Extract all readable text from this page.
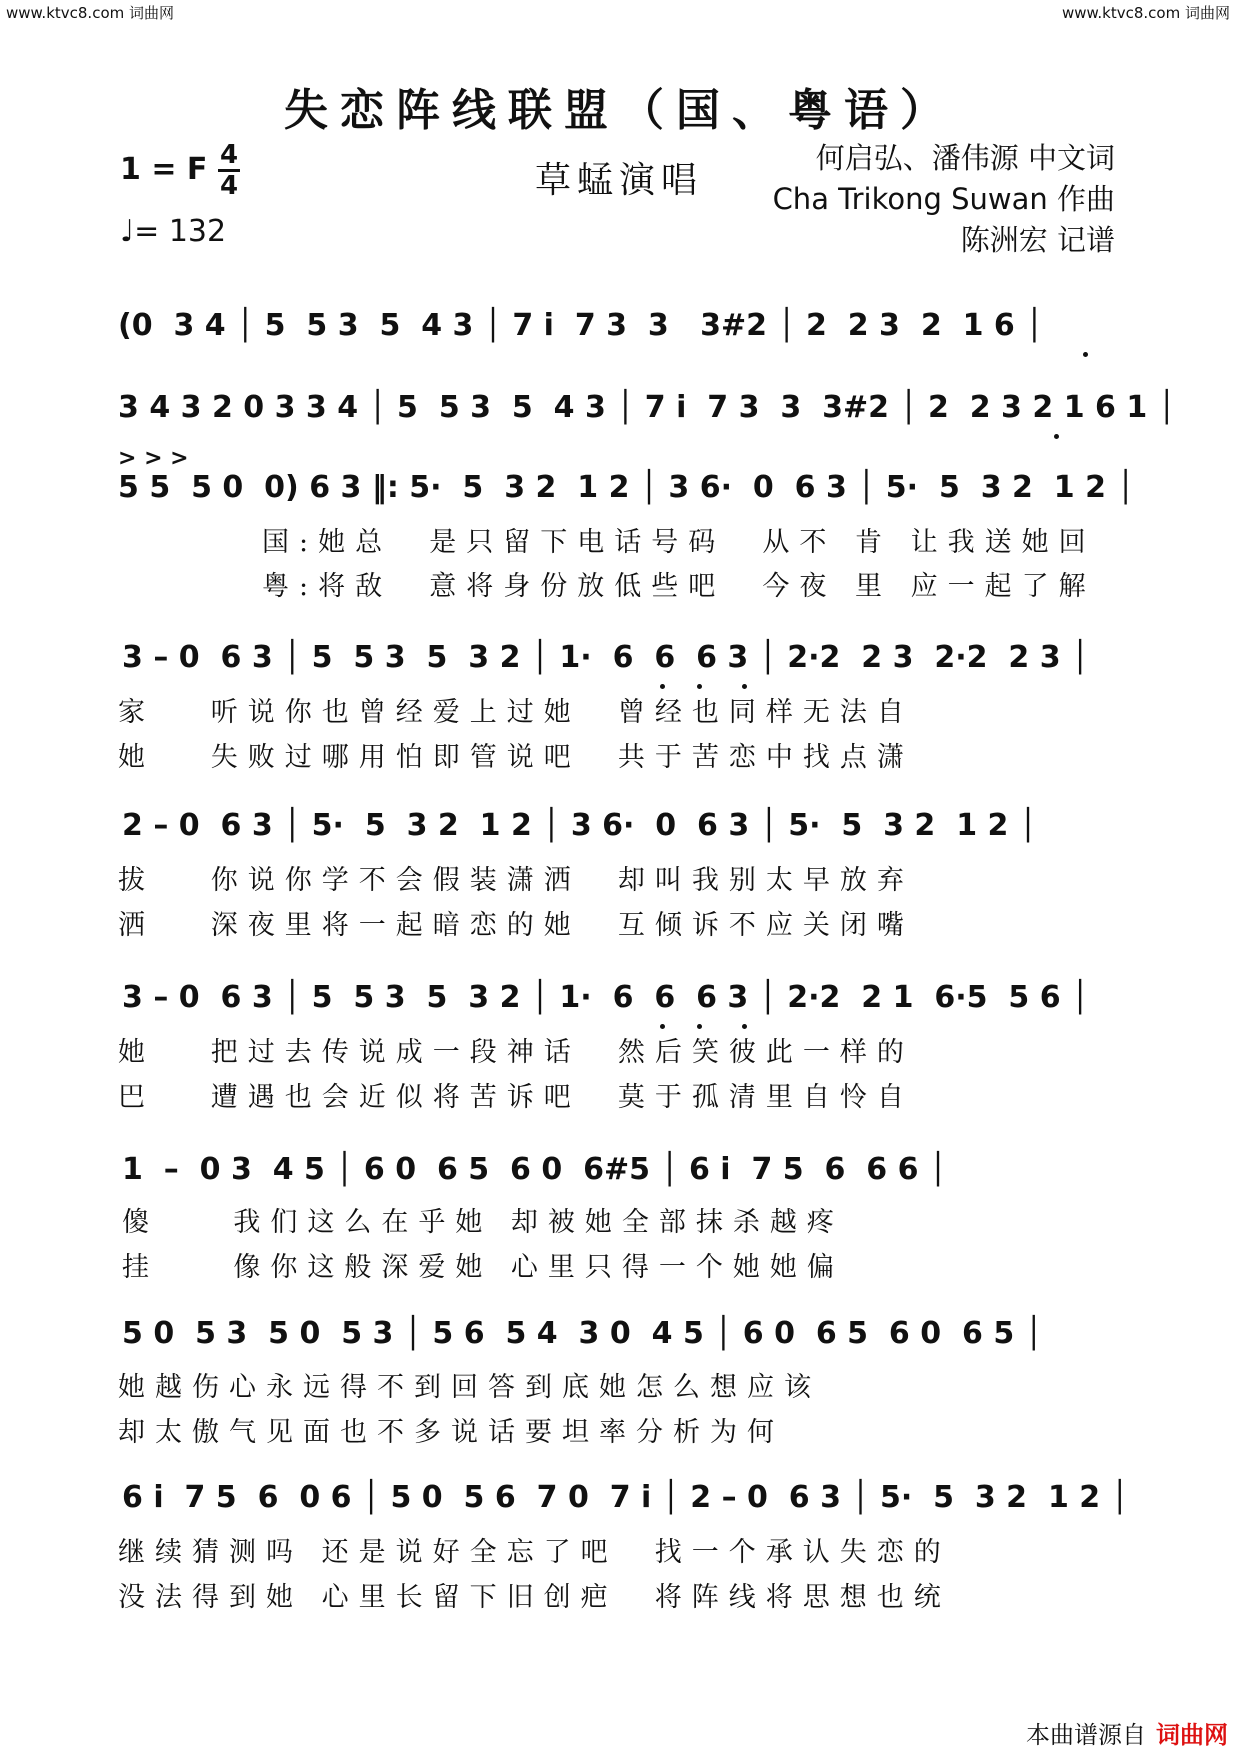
www.ktvc8.com 词曲网	www.ktvc8.com 词曲网
失恋阵线联盟（国、粤语）
1 = F 4
4
♩= 132
草蜢演唱
何启弘、潘伟源 中文词
Cha Trikong Suwan 作曲
陈洲宏 记谱
(0  3 4 │ 5  5 3  5  4 3 │ 7 i  7 3  3   3#2 │ 2  2 3  2  1 6 │
3 4 3 2 0 3 3 4 │ 5  5 3  5  4 3 │ 7 i  7 3  3  3#2 │ 2  2 3 2 1 6 1 │
> > >
5 5  5 0  0) 6 3 ‖: 5·  5  3 2  1 2 │ 3 6·  0  6 3 │ 5·  5  3 2  1 2 │
国:她总  是只留下电话号码  从不 肯 让我送她回
粤:将敌  意将身份放低些吧  今夜 里 应一起了解
3 – 0  6 3 │ 5  5 3  5  3 2 │ 1·  6  6  6 3 │ 2·2  2 3  2·2  2 3 │
家   听说你也曾经爱上过她  曾经也同样无法自
她   失败过哪用怕即管说吧  共于苦恋中找点潇
2 – 0  6 3 │ 5·  5  3 2  1 2 │ 3 6·  0  6 3 │ 5·  5  3 2  1 2 │
拔   你说你学不会假装潇洒  却叫我别太早放弃
洒   深夜里将一起暗恋的她  互倾诉不应关闭嘴
3 – 0  6 3 │ 5  5 3  5  3 2 │ 1·  6  6  6 3 │ 2·2  2 1  6·5  5 6 │
她   把过去传说成一段神话  然后笑彼此一样的
巴   遭遇也会近似将苦诉吧  莫于孤清里自怜自
1  –  0 3  4 5 │ 6 0  6 5  6 0  6#5 │ 6 i  7 5  6  6 6 │
傻    我们这么在乎她 却被她全部抹杀越疼
挂    像你这般深爱她 心里只得一个她她偏
5 0  5 3  5 0  5 3 │ 5 6  5 4  3 0  4 5 │ 6 0  6 5  6 0  6 5 │
她越伤心永远得不到回答到底她怎么想应该
却太傲气见面也不多说话要坦率分析为何
6 i  7 5  6  0 6 │ 5 0  5 6  7 0  7 i │ 2 – 0  6 3 │ 5·  5  3 2  1 2 │
继续猜测吗 还是说好全忘了吧  找一个承认失恋的
没法得到她 心里长留下旧创疤  将阵线将思想也统
本曲谱源自 词曲网
